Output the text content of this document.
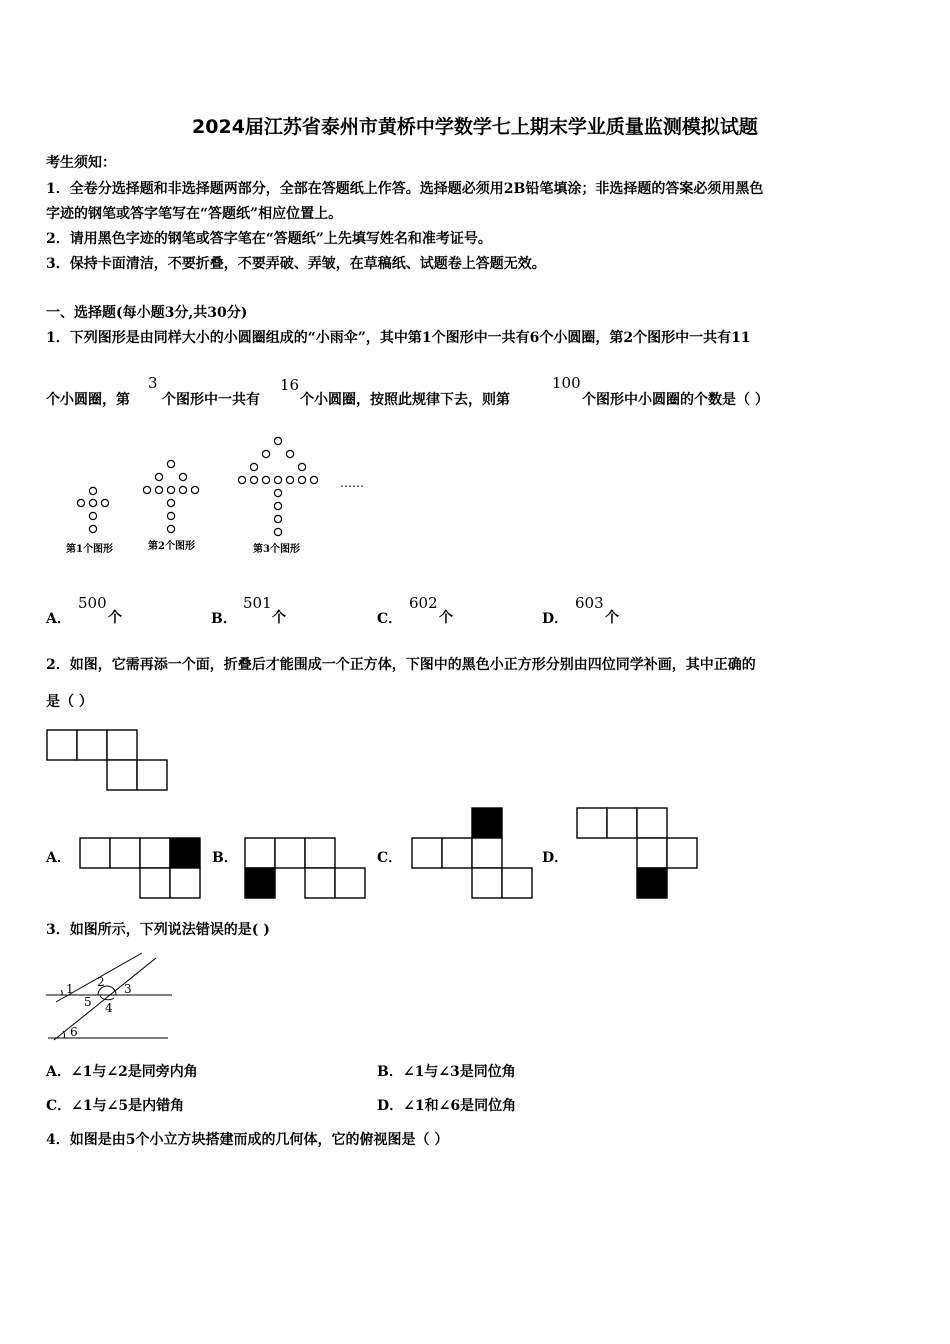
2024届江苏省泰州市黄桥中学数学七上期末学业质量监测模拟试题
考生须知：
1．全卷分选择题和非选择题两部分，全部在答题纸上作答。选择题必须用2B铅笔填涂；非选择题的答案必须用黑色
字迹的钢笔或答字笔写在“答题纸”相应位置上。
2．请用黑色字迹的钢笔或答字笔在“答题纸”上先填写姓名和准考证号。
3．保持卡面清洁，不要折叠，不要弄破、弄皱，在草稿纸、试题卷上答题无效。
一、选择题(每小题3分,共30分)
1．下列图形是由同样大小的小圆圈组成的“小雨伞”，其中第1个图形中一共有6个小圆圈，第2个图形中一共有11
个小圆圈，第
3
个图形中一共有
16
个小圆圈，按照此规律下去，则第
100
个图形中小圆圈的个数是（ ）
第1个图形	第2个图形	第3个图形
……
A．
500
个	B．
501
个	C．
602
个	D．
603
个
2．如图，它需再添一个面，折叠后才能围成一个正方体，下图中的黑色小正方形分别由四位同学补画，其中正确的
是（ ）
A．	B．	C．	D．
3．如图所示，下列说法错误的是( )
1 2 3
4
5
6
A．∠1与∠2是同旁内角	B．∠1与∠3是同位角
C．∠1与∠5是内错角	D．∠1和∠6是同位角
4．如图是由5个小立方块搭建而成的几何体，它的俯视图是（ ）
